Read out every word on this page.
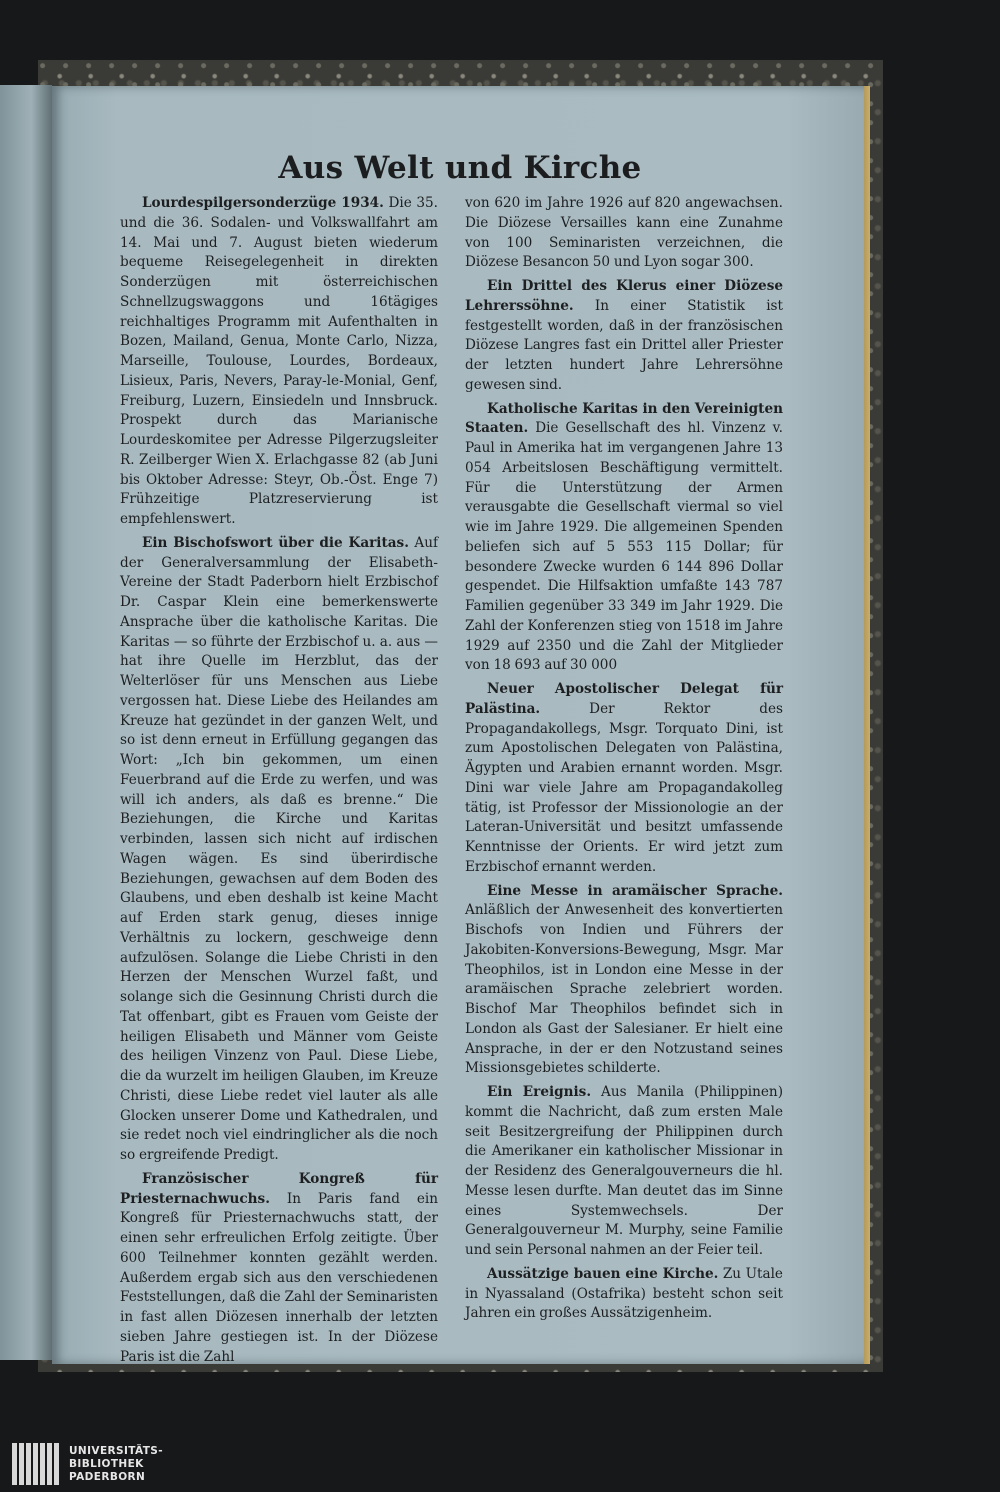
Aus Welt und Kirche

Lourdespilgersonderzüge 1934. Die 35. und die 36. Sodalen- und Volkswallfahrt am 14. Mai und 7. August bieten wiederum bequeme Reisegelegenheit in direkten Sonderzügen mit österreichischen Schnellzugswaggons und 16tägiges reichhaltiges Programm mit Aufenthalten in Bozen, Mailand, Genua, Monte Carlo, Nizza, Marseille, Toulouse, Lourdes, Bordeaux, Lisieux, Paris, Nevers, Paray-le-Monial, Genf, Freiburg, Luzern, Einsiedeln und Innsbruck. Prospekt durch das Marianische Lourdeskomitee per Adresse Pilgerzugsleiter R. Zeilberger Wien X. Erlachgasse 82 (ab Juni bis Oktober Adresse: Steyr, Ob.-Öst. Enge 7) Frühzeitige Platzreservierung ist empfehlenswert.

Ein Bischofswort über die Karitas. Auf der Generalversammlung der Elisabeth-Vereine der Stadt Paderborn hielt Erzbischof Dr. Caspar Klein eine bemerkenswerte Ansprache über die katholische Karitas. Die Karitas — so führte der Erzbischof u. a. aus — hat ihre Quelle im Herzblut, das der Welterlöser für uns Menschen aus Liebe vergossen hat. Diese Liebe des Heilandes am Kreuze hat gezündet in der ganzen Welt, und so ist denn erneut in Erfüllung gegangen das Wort: „Ich bin gekommen, um einen Feuerbrand auf die Erde zu werfen, und was will ich anders, als daß es brenne.“ Die Beziehungen, die Kirche und Karitas verbinden, lassen sich nicht auf irdischen Wagen wägen. Es sind überirdische Beziehungen, gewachsen auf dem Boden des Glaubens, und eben deshalb ist keine Macht auf Erden stark genug, dieses innige Verhältnis zu lockern, geschweige denn aufzulösen. Solange die Liebe Christi in den Herzen der Menschen Wurzel faßt, und solange sich die Gesinnung Christi durch die Tat offenbart, gibt es Frauen vom Geiste der heiligen Elisabeth und Männer vom Geiste des heiligen Vinzenz von Paul. Diese Liebe, die da wurzelt im heiligen Glauben, im Kreuze Christi, diese Liebe redet viel lauter als alle Glocken unserer Dome und Kathedralen, und sie redet noch viel eindringlicher als die noch so ergreifende Predigt.

Französischer Kongreß für Priesternachwuchs. In Paris fand ein Kongreß für Priesternachwuchs statt, der einen sehr erfreulichen Erfolg zeitigte. Über 600 Teilnehmer konnten gezählt werden. Außerdem ergab sich aus den verschiedenen Feststellungen, daß die Zahl der Seminaristen in fast allen Diözesen innerhalb der letzten sieben Jahre gestiegen ist. In der Diözese Paris ist die Zahl

von 620 im Jahre 1926 auf 820 angewachsen. Die Diözese Versailles kann eine Zunahme von 100 Seminaristen verzeichnen, die Diözese Besancon 50 und Lyon sogar 300.

Ein Drittel des Klerus einer Diözese Lehrerssöhne. In einer Statistik ist festgestellt worden, daß in der französischen Diözese Langres fast ein Drittel aller Priester der letzten hundert Jahre Lehrersöhne gewesen sind.

Katholische Karitas in den Vereinigten Staaten. Die Gesellschaft des hl. Vinzenz v. Paul in Amerika hat im vergangenen Jahre 13 054 Arbeitslosen Beschäftigung vermittelt. Für die Unterstützung der Armen verausgabte die Gesellschaft viermal so viel wie im Jahre 1929. Die allgemeinen Spenden beliefen sich auf 5 553 115 Dollar; für besondere Zwecke wurden 6 144 896 Dollar gespendet. Die Hilfsaktion umfaßte 143 787 Familien gegenüber 33 349 im Jahr 1929. Die Zahl der Konferenzen stieg von 1518 im Jahre 1929 auf 2350 und die Zahl der Mitglieder von 18 693 auf 30 000

Neuer Apostolischer Delegat für Palästina. Der Rektor des Propagandakollegs, Msgr. Torquato Dini, ist zum Apostolischen Delegaten von Palästina, Ägypten und Arabien ernannt worden. Msgr. Dini war viele Jahre am Propagandakolleg tätig, ist Professor der Missionologie an der Lateran-Universität und besitzt umfassende Kenntnisse der Orients. Er wird jetzt zum Erzbischof ernannt werden.

Eine Messe in aramäischer Sprache. Anläßlich der Anwesenheit des konvertierten Bischofs von Indien und Führers der Jakobiten-Konversions-Bewegung, Msgr. Mar Theophilos, ist in London eine Messe in der aramäischen Sprache zelebriert worden. Bischof Mar Theophilos befindet sich in London als Gast der Salesianer. Er hielt eine Ansprache, in der er den Notzustand seines Missionsgebietes schilderte.

Ein Ereignis. Aus Manila (Philippinen) kommt die Nachricht, daß zum ersten Male seit Besitzergreifung der Philippinen durch die Amerikaner ein katholischer Missionar in der Residenz des Generalgouverneurs die hl. Messe lesen durfte. Man deutet das im Sinne eines Systemwechsels. Der Generalgouverneur M. Murphy, seine Familie und sein Personal nahmen an der Feier teil.

Aussätzige bauen eine Kirche. Zu Utale in Nyassaland (Ostafrika) besteht schon seit Jahren ein großes Aussätzigenheim.

UNIVERSITÄTS-
BIBLIOTHEK
PADERBORN
